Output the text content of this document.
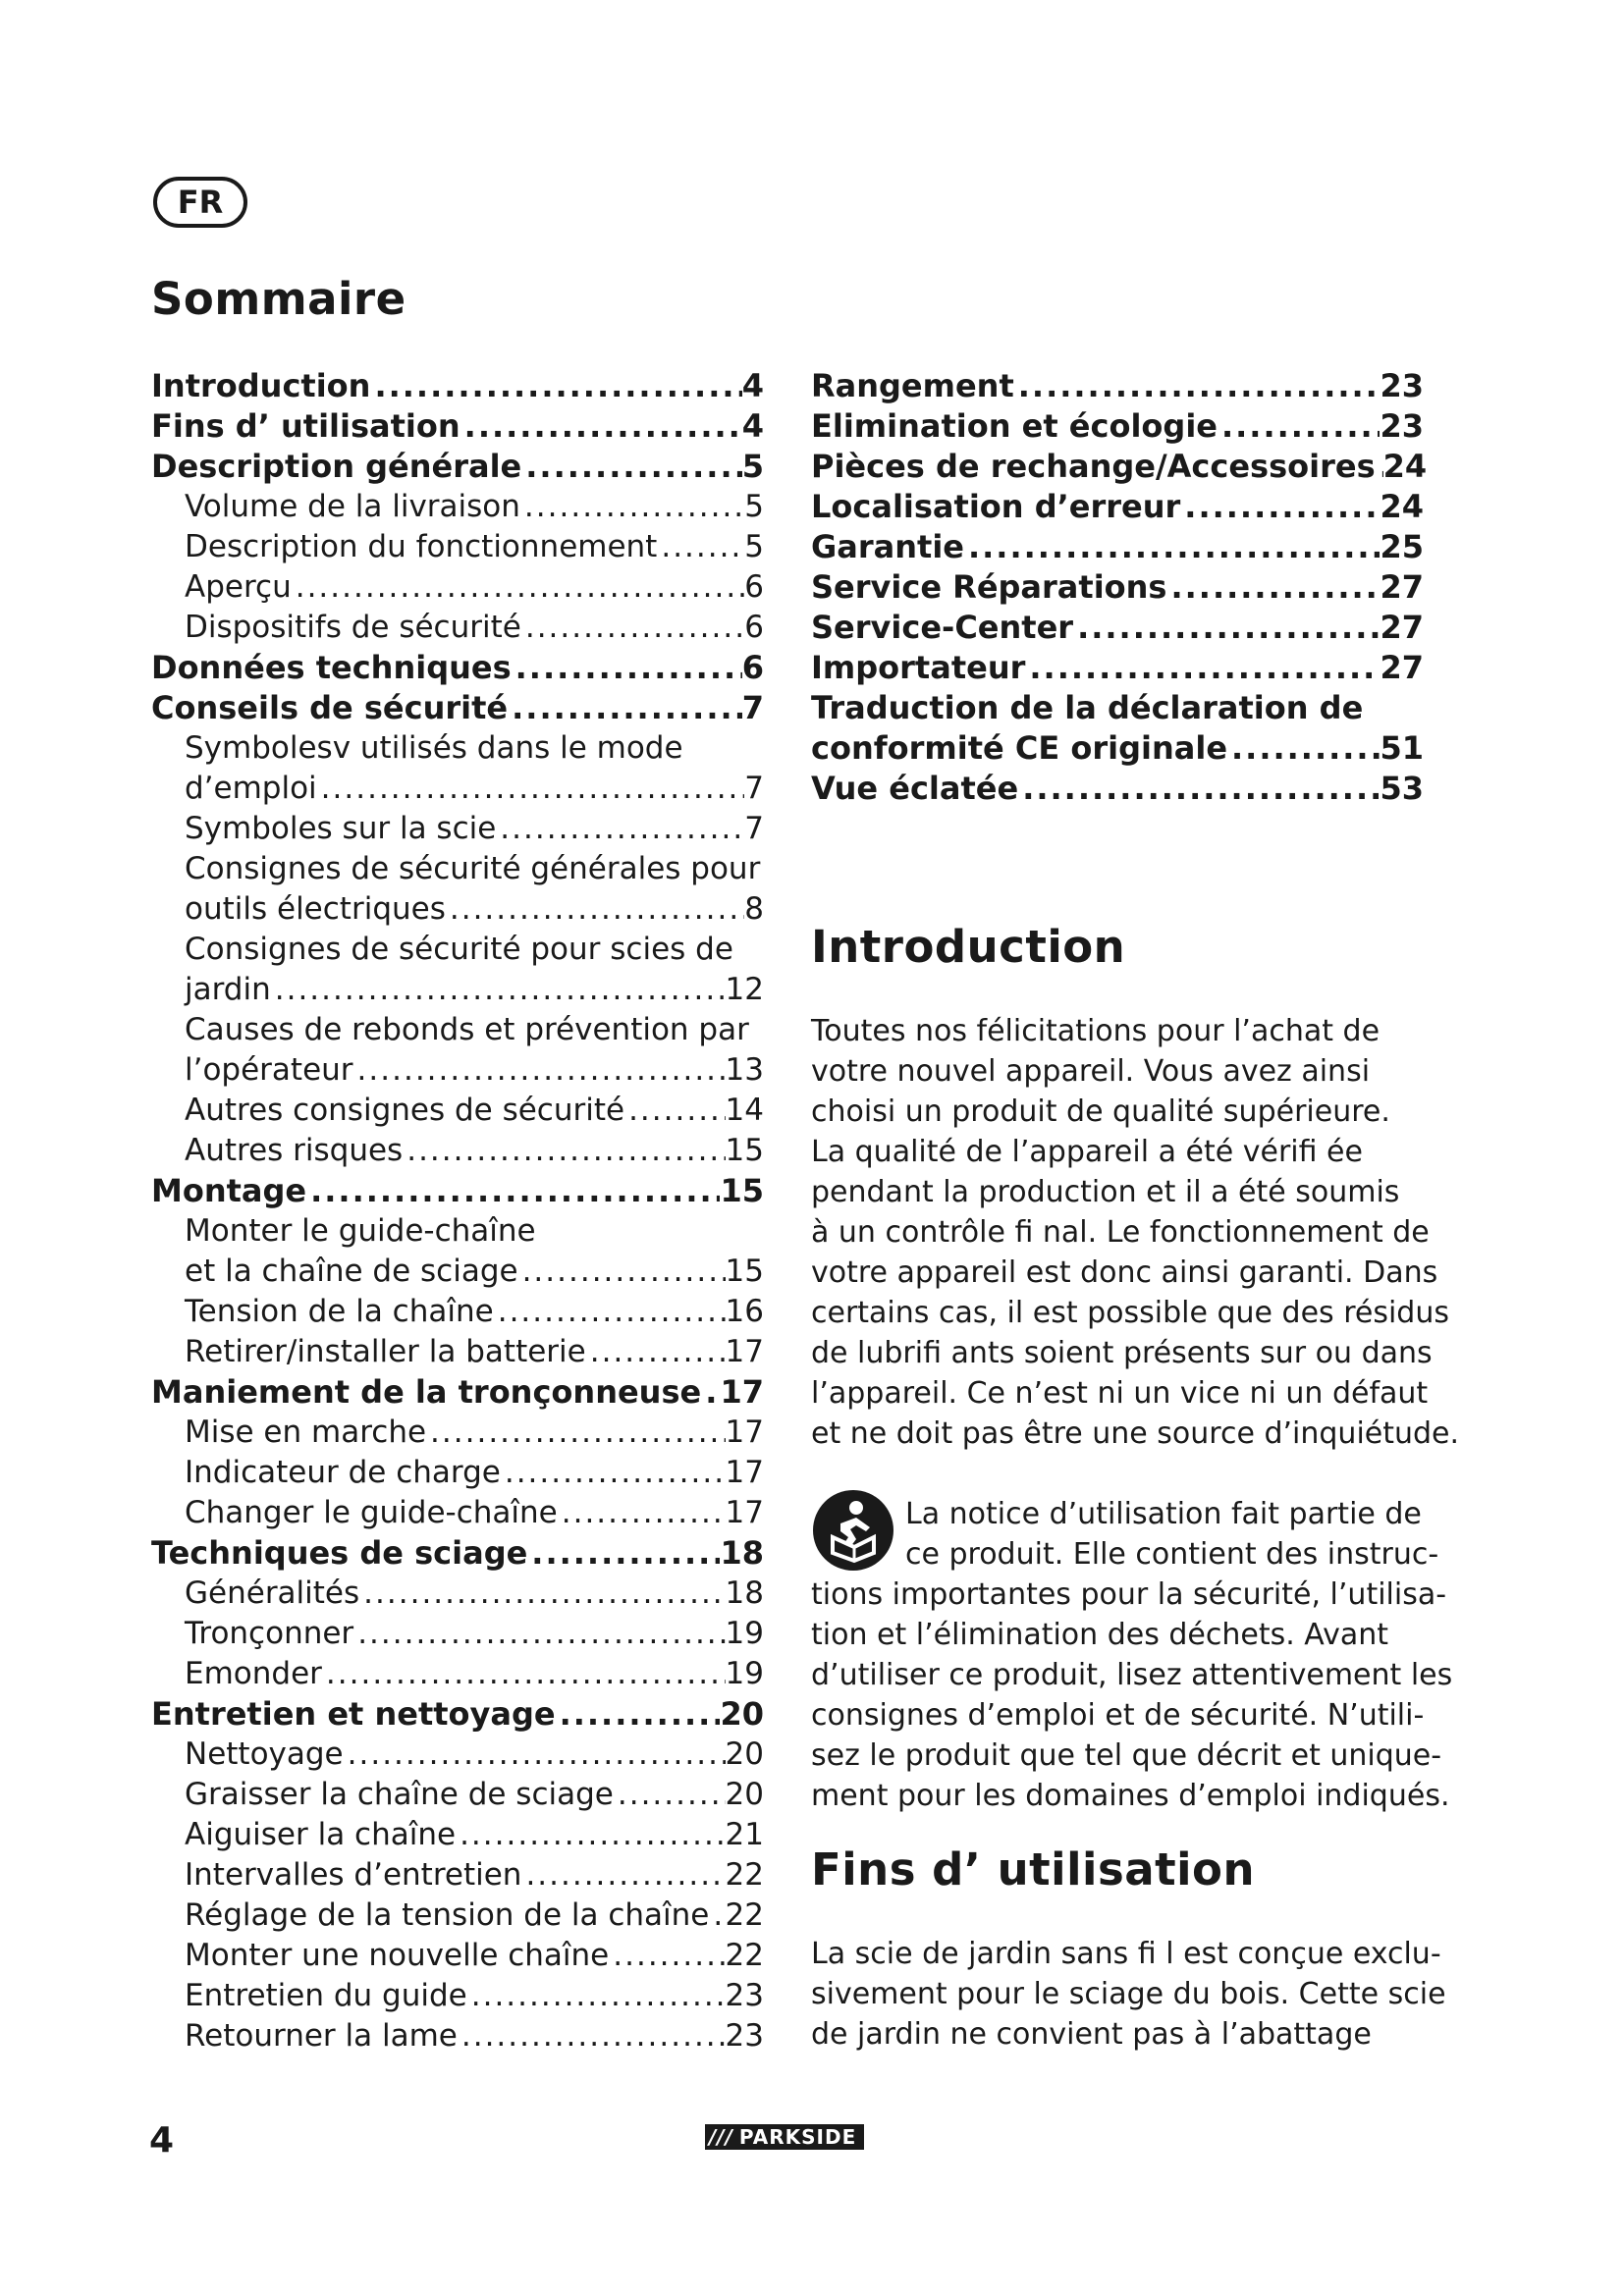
FR
Sommaire
Introduction .....	4
Fins d’ utilisation .....	4
Description générale .....	5
Volume de la livraison .....	5
Description du fonctionnement .....	5
Aperçu .....	6
Dispositifs de sécurité .....	6
Données techniques .....	6
Conseils de sécurité .....	7
Symbolesv utilisés dans le mode
d’emploi .....	7
Symboles sur la scie .....	7
Consignes de sécurité générales pour
outils électriques .....	8
Consignes de sécurité pour scies de
jardin .....	12
Causes de rebonds et prévention par
l’opérateur .....	13
Autres consignes de sécurité .....	14
Autres risques .....	15
Montage .....	15
Monter le guide-chaîne
et la chaîne de sciage .....	15
Tension de la chaîne .....	16
Retirer/installer la batterie .....	17
Maniement de la tronçonneuse ..... 17
Mise en marche .....	17
Indicateur de charge .....	17
Changer le guide-chaîne .....	17
Techniques de sciage .....	18
Généralités .....	18
Tronçonner .....	19
Emonder .....	19
Entretien et nettoyage .....	20
Nettoyage .....	20
Graisser la chaîne de sciage .....	20
Aiguiser la chaîne .....	21
Intervalles d’entretien .....	22
Réglage de la tension de la chaîne ..... 22
Monter une nouvelle chaîne .....	22
Entretien du guide .....	23
Retourner la lame .....	23
Rangement .....	23
Elimination et écologie .....	23
Pièces de rechange/Accessoires ..... 24
Localisation d’erreur .....	24
Garantie .....	25
Service Réparations .....	27
Service-Center .....	27
Importateur .....	27
Traduction de la déclaration de
conformité CE originale .....	51
Vue éclatée .....	53
Introduction
Toutes nos félicitations pour l’achat de
votre nouvel appareil. Vous avez ainsi
choisi un produit de qualité supérieure.
La qualité de l’appareil a été vérifi ée
pendant la production et il a été soumis
à un contrôle fi nal. Le fonctionnement de
votre appareil est donc ainsi garanti. Dans
certains cas, il est possible que des résidus
de lubrifi ants soient présents sur ou dans
l’appareil. Ce n’est ni un vice ni un défaut
et ne doit pas être une source d’inquiétude.
La notice d’utilisation fait partie de
ce produit. Elle contient des instruc-
tions importantes pour la sécurité, l’utilisa-
tion et l’élimination des déchets. Avant
d’utiliser ce produit, lisez attentivement les
consignes d’emploi et de sécurité. N’utili-
sez le produit que tel que décrit et unique-
ment pour les domaines d’emploi indiqués.
Fins d’ utilisation
La scie de jardin sans fi l est conçue exclu-
sivement pour le sciage du bois. Cette scie
de jardin ne convient pas à l’abattage
4	/// PARKSIDE
